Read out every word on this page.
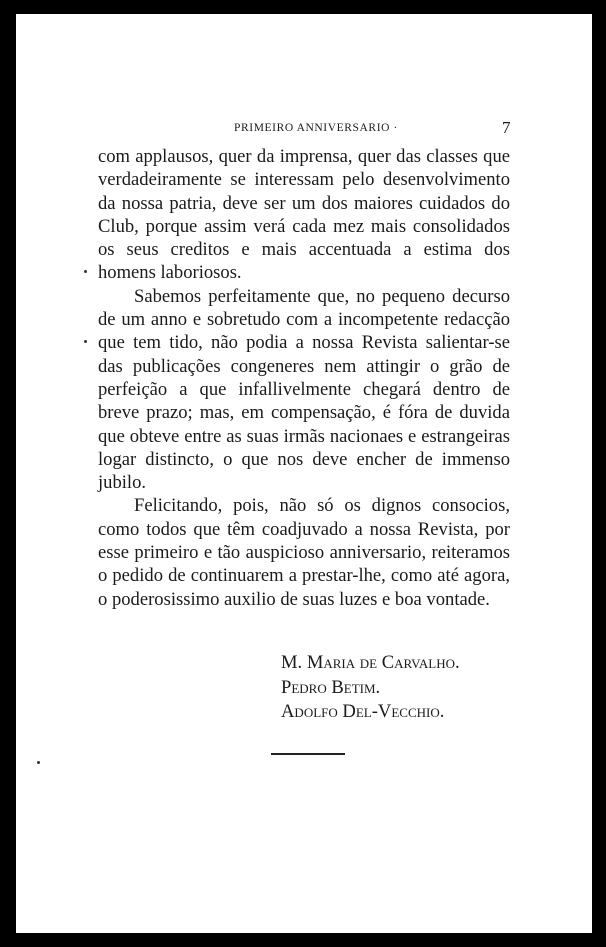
PRIMEIRO ANNIVERSARIO ·	7

com applausos, quer da imprensa, quer das classes que verdadeiramente se interessam pelo desenvolvimento da nossa patria, deve ser um dos maiores cuidados do Club, porque assim verá cada mez mais consolidados os seus creditos e mais accentuada a estima dos homens laboriosos.

Sabemos perfeitamente que, no pequeno decurso de um anno e sobretudo com a incompetente redacção que tem tido, não podia a nossa Revista salientar-se das publicações congeneres nem attingir o grão de perfeição a que infallivelmente chegará dentro de breve prazo; mas, em compensação, é fóra de duvida que obteve entre as suas irmãs nacionaes e estrangeiras logar distincto, o que nos deve encher de immenso jubilo.

Felicitando, pois, não só os dignos consocios, como todos que têm coadjuvado a nossa Revista, por esse primeiro e tão auspicioso anniversario, reiteramos o pedido de continuarem a prestar-lhe, como até agora, o poderosissimo auxilio de suas luzes e boa vontade.

M. Maria de Carvalho.
Pedro Betim.
Adolfo Del-Vecchio.
